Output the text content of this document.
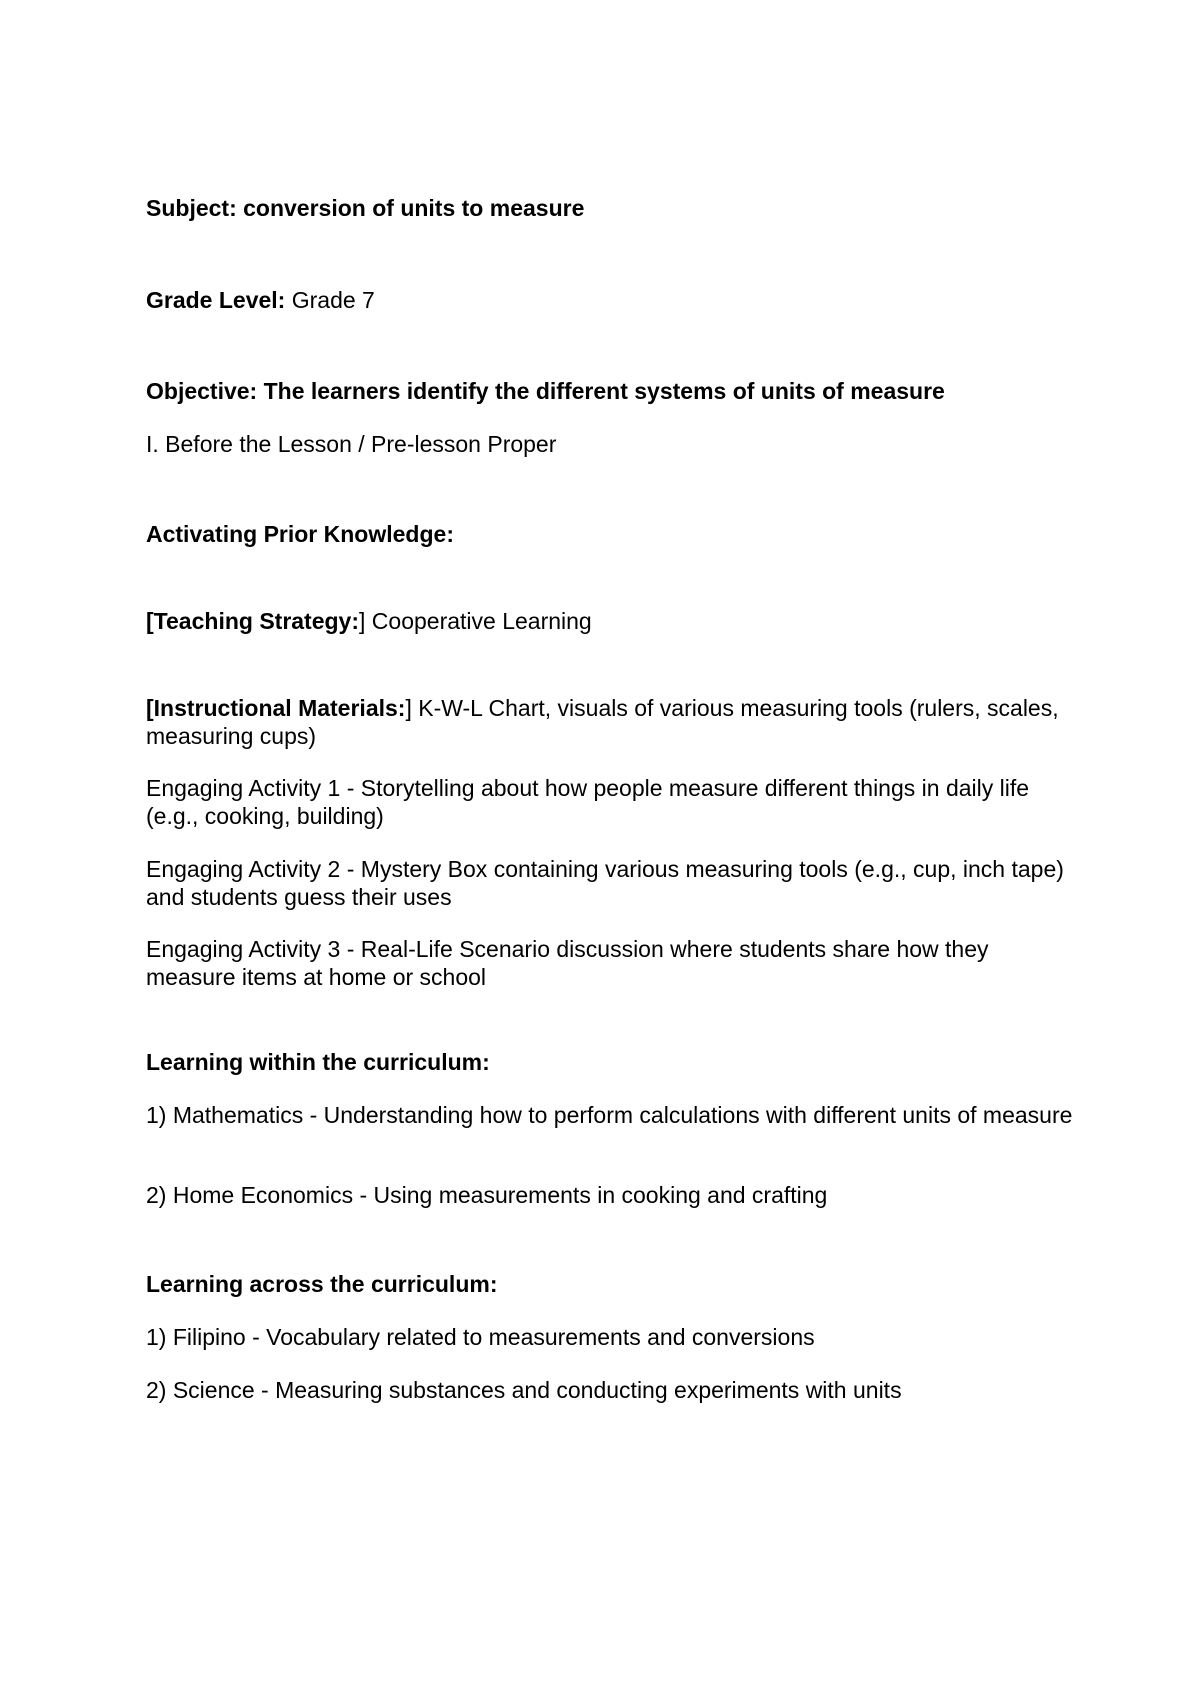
Subject: conversion of units to measure
Grade Level: Grade 7
Objective: The learners identify the different systems of units of measure
I. Before the Lesson / Pre-lesson Proper
Activating Prior Knowledge:
[Teaching Strategy:] Cooperative Learning
[Instructional Materials:] K-W-L Chart, visuals of various measuring tools (rulers, scales, measuring cups)
Engaging Activity 1 - Storytelling about how people measure different things in daily life (e.g., cooking, building)
Engaging Activity 2 - Mystery Box containing various measuring tools (e.g., cup, inch tape) and students guess their uses
Engaging Activity 3 - Real-Life Scenario discussion where students share how they measure items at home or school
Learning within the curriculum:
1) Mathematics - Understanding how to perform calculations with different units of measure
2) Home Economics - Using measurements in cooking and crafting
Learning across the curriculum:
1) Filipino - Vocabulary related to measurements and conversions
2) Science - Measuring substances and conducting experiments with units
